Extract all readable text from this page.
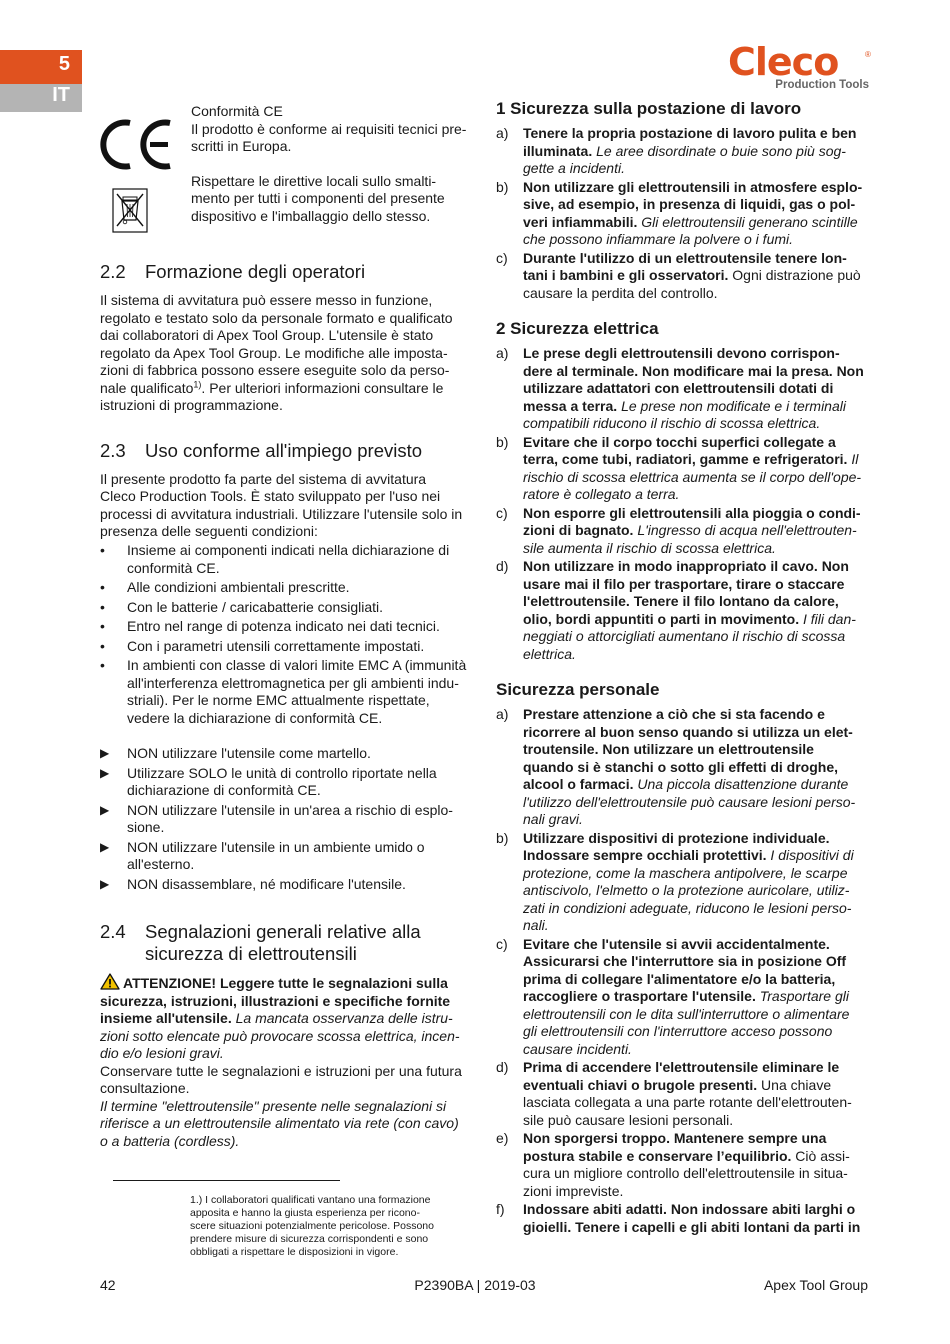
5
IT
Cleco	®
Production Tools

Conformità CE
Il prodotto è conforme ai requisiti tecnici pre-
scritti in Europa.

Rispettare le direttive locali sullo smalti-
mento per tutti i componenti del presente
dispositivo e l'imballaggio dello stesso.

2.2	Formazione degli operatori

Il sistema di avvitatura può essere messo in funzione,
regolato e testato solo da personale formato e qualificato
dai collaboratori di Apex Tool Group. L'utensile è stato
regolato da Apex Tool Group. Le modifiche alle imposta-
zioni di fabbrica possono essere eseguite solo da perso-
nale qualificato$^{1)}$. Per ulteriori informazioni consultare le
istruzioni di programmazione.

2.3	Uso conforme all'impiego previsto

Il presente prodotto fa parte del sistema di avvitatura
Cleco Production Tools. È stato sviluppato per l'uso nei
processi di avvitatura industriali. Utilizzare l'utensile solo in
presenza delle seguenti condizioni:

•	Insieme ai componenti indicati nella dichiarazione di
conformità CE.
•	Alle condizioni ambientali prescritte.
•	Con le batterie / caricabatterie consigliati.
•	Entro nel range di potenza indicato nei dati tecnici.
•	Con i parametri utensili correttamente impostati.
•	In ambienti con classe di valori limite EMC A (immunità
all'interferenza elettromagnetica per gli ambienti indu-
striali). Per le norme EMC attualmente rispettate,
vedere la dichiarazione di conformità CE.
▶	NON utilizzare l'utensile come martello.
▶	Utilizzare SOLO le unità di controllo riportate nella
dichiarazione di conformità CE.
▶	NON utilizzare l'utensile in un'area a rischio di esplo-
sione.
▶	NON utilizzare l'utensile in un ambiente umido o
all'esterno.
▶	NON disassemblare, né modificare l'utensile.
2.4	Segnalazioni generali relative alla
sicurezza di elettroutensili

ATTENZIONE! Leggere tutte le segnalazioni sulla
sicurezza, istruzioni, illustrazioni e specifiche fornite
insieme all'utensile. La mancata osservanza delle istru-
zioni sotto elencate può provocare scossa elettrica, incen-
dio e/o lesioni gravi.

Conservare tutte le segnalazioni e istruzioni per una futura
consultazione.

Il termine "elettroutensile" presente nelle segnalazioni si
riferisce a un elettroutensile alimentato via rete (con cavo)
o a batteria (cordless).

1.) I collaboratori qualificati vantano una formazione
apposita e hanno la giusta esperienza per ricono-
scere situazioni potenzialmente pericolose. Possono
prendere misure di sicurezza corrispondenti e sono
obbligati a rispettare le disposizioni in vigore.
1 Sicurezza sulla postazione di lavoro
a)	Tenere la propria postazione di lavoro pulita e ben
illuminata. Le aree disordinate o buie sono più sog-
gette a incidenti.
b)	Non utilizzare gli elettroutensili in atmosfere esplo-
sive, ad esempio, in presenza di liquidi, gas o pol-
veri infiammabili. Gli elettroutensili generano scintille
che possono infiammare la polvere o i fumi.
c)	Durante l'utilizzo di un elettroutensile tenere lon-
tani i bambini e gli osservatori. Ogni distrazione può
causare la perdita del controllo.
2 Sicurezza elettrica
a)	Le prese degli elettroutensili devono corrispon-
dere al terminale. Non modificare mai la presa. Non
utilizzare adattatori con elettroutensili dotati di
messa a terra. Le prese non modificate e i terminali
compatibili riducono il rischio di scossa elettrica.
b)	Evitare che il corpo tocchi superfici collegate a
terra, come tubi, radiatori, gamme e refrigeratori. Il
rischio di scossa elettrica aumenta se il corpo dell'ope-
ratore è collegato a terra.
c)	Non esporre gli elettroutensili alla pioggia o condi-
zioni di bagnato. L'ingresso di acqua nell'elettrouten-
sile aumenta il rischio di scossa elettrica.
d)	Non utilizzare in modo inappropriato il cavo. Non
usare mai il filo per trasportare, tirare o staccare
l'elettroutensile. Tenere il filo lontano da calore,
olio, bordi appuntiti o parti in movimento. I fili dan-
neggiati o attorcigliati aumentano il rischio di scossa
elettrica.
Sicurezza personale
a)	Prestare attenzione a ciò che si sta facendo e
ricorrere al buon senso quando si utilizza un elet-
troutensile. Non utilizzare un elettroutensile
quando si è stanchi o sotto gli effetti di droghe,
alcool o farmaci. Una piccola disattenzione durante
l'utilizzo dell'elettroutensile può causare lesioni perso-
nali gravi.
b)	Utilizzare dispositivi di protezione individuale.
Indossare sempre occhiali protettivi. I dispositivi di
protezione, come la maschera antipolvere, le scarpe
antiscivolo, l'elmetto o la protezione auricolare, utiliz-
zati in condizioni adeguate, riducono le lesioni perso-
nali.
c)	Evitare che l'utensile si avvii accidentalmente.
Assicurarsi che l'interruttore sia in posizione Off
prima di collegare l'alimentatore e/o la batteria,
raccogliere o trasportare l'utensile. Trasportare gli
elettroutensili con le dita sull'interruttore o alimentare
gli elettroutensili con l'interruttore acceso possono
causare incidenti.
d)	Prima di accendere l'elettroutensile eliminare le
eventuali chiavi o brugole presenti. Una chiave
lasciata collegata a una parte rotante dell'elettrouten-
sile può causare lesioni personali.
e)	Non sporgersi troppo. Mantenere sempre una
postura stabile e conservare l’equilibrio. Ciò assi-
cura un migliore controllo dell'elettroutensile in situa-
zioni impreviste.
f)	Indossare abiti adatti. Non indossare abiti larghi o
gioielli. Tenere i capelli e gli abiti lontani da parti in
42	P2390BA | 2019-03	Apex Tool Group
